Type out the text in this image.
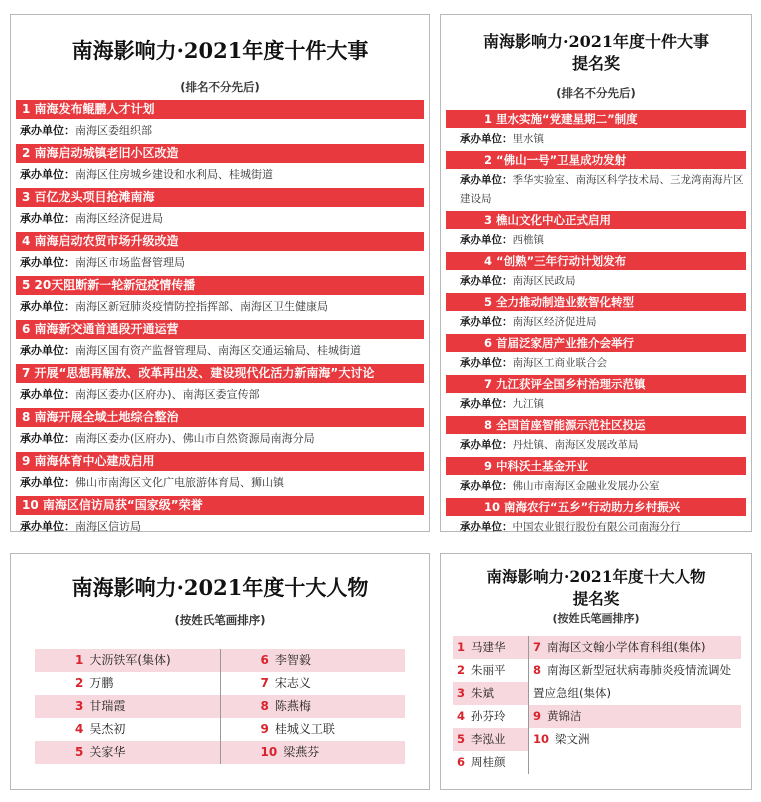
南海影响力·2021年度十件大事
(排名不分先后)
1 南海发布鲲鹏人才计划
承办单位：南海区委组织部
2 南海启动城镇老旧小区改造
承办单位：南海区住房城乡建设和水利局、桂城街道
3 百亿龙头项目抢滩南海
承办单位：南海区经济促进局
4 南海启动农贸市场升级改造
承办单位：南海区市场监督管理局
5 20天阻断新一轮新冠疫情传播
承办单位：南海区新冠肺炎疫情防控指挥部、南海区卫生健康局
6 南海新交通首通段开通运营
承办单位：南海区国有资产监督管理局、南海区交通运输局、桂城街道
7 开展“思想再解放、改革再出发、建设现代化活力新南海”大讨论
承办单位：南海区委办(区府办)、南海区委宣传部
8 南海开展全域土地综合整治
承办单位：南海区委办(区府办)、佛山市自然资源局南海分局
9 南海体育中心建成启用
承办单位：佛山市南海区文化广电旅游体育局、狮山镇
10 南海区信访局获“国家级”荣誉
承办单位：南海区信访局
南海影响力·2021年度十件大事
提名奖
(排名不分先后)
1 里水实施“党建星期二”制度
承办单位：里水镇
2 “佛山一号”卫星成功发射
承办单位：季华实验室、南海区科学技术局、三龙湾南海片区建设局
3 樵山文化中心正式启用
承办单位：西樵镇
4 “创熟”三年行动计划发布
承办单位：南海区民政局
5 全力推动制造业数智化转型
承办单位：南海区经济促进局
6 首届泛家居产业推介会举行
承办单位：南海区工商业联合会
7 九江获评全国乡村治理示范镇
承办单位：九江镇
8 全国首座智能源示范社区投运
承办单位：丹灶镇、南海区发展改革局
9 中科沃土基金开业
承办单位：佛山市南海区金融业发展办公室
10 南海农行“五乡”行动助力乡村振兴
承办单位：中国农业银行股份有限公司南海分行
南海影响力·2021年度十大人物
(按姓氏笔画排序)
1 大沥铁军(集体)	6 李智毅
2 万鹏	7 宋志义
3 甘瑞霞	8 陈燕梅
4 吴杰初	9 桂城义工联
5 关家华	10 梁燕芬
南海影响力·2021年度十大人物
提名奖
(按姓氏笔画排序)
1 马建华
2 朱丽平
3 朱斌
4 孙芬玲
5 李泓业
6 周桂颜
7 南海区文翰小学体育科组(集体)
8 南海区新型冠状病毒肺炎疫情流调处置应急组(集体)
9 黄锦洁
10 梁文洲
